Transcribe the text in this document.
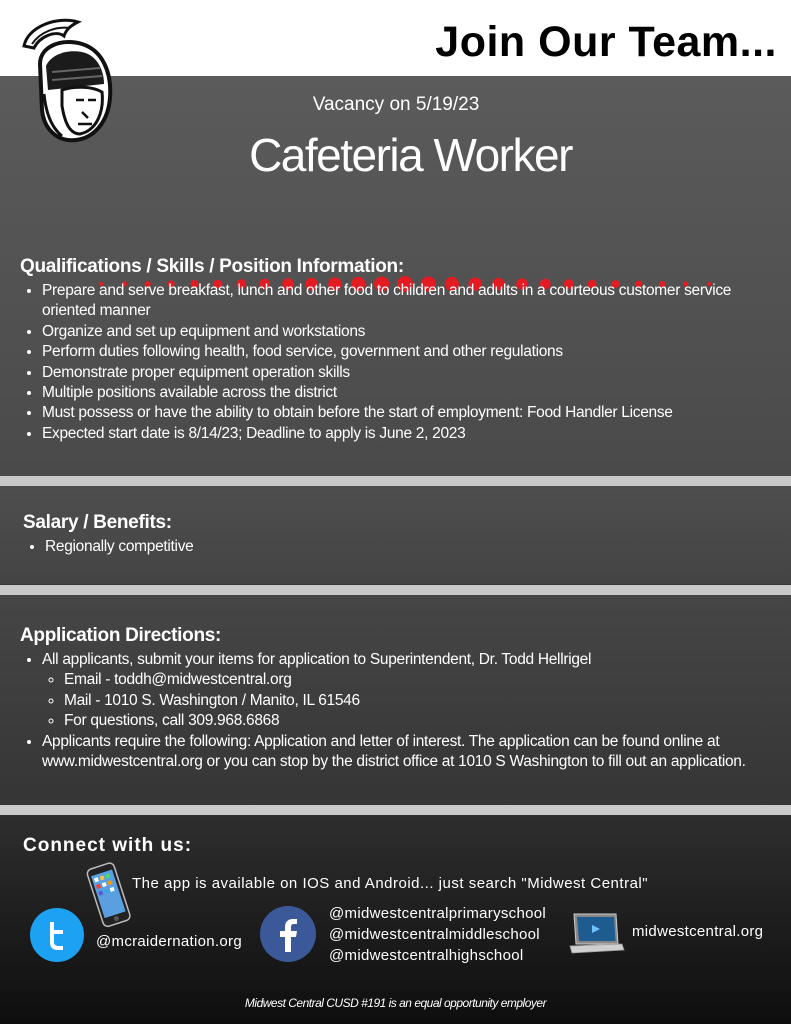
Join Our Team...
Vacancy on 5/19/23
Cafeteria Worker
Qualifications / Skills / Position Information:
• Prepare and serve breakfast, lunch and other food to children and adults in a courteous customer service oriented manner
• Organize and set up equipment and workstations
• Perform duties following health, food service, government and other regulations
• Demonstrate proper equipment operation skills
• Multiple positions available across the district
• Must possess or have the ability to obtain before the start of employment: Food Handler License
• Expected start date is 8/14/23; Deadline to apply is June 2, 2023
Salary / Benefits:
• Regionally competitive
Application Directions:
• All applicants, submit your items for application to Superintendent, Dr. Todd Hellrigel
◦ Email - toddh@midwestcentral.org
◦ Mail - 1010 S. Washington / Manito, IL 61546
◦ For questions, call 309.968.6868
• Applicants require the following: Application and letter of interest. The application can be found online at www.midwestcentral.org or you can stop by the district office at 1010 S Washington to fill out an application.
Connect with us:
The app is available on IOS and Android... just search "Midwest Central"
@mcraidernation.org
@midwestcentralprimaryschool
@midwestcentralmiddleschool
@midwestcentralhighschool
midwestcentral.org
Midwest Central CUSD #191 is an equal opportunity employer
